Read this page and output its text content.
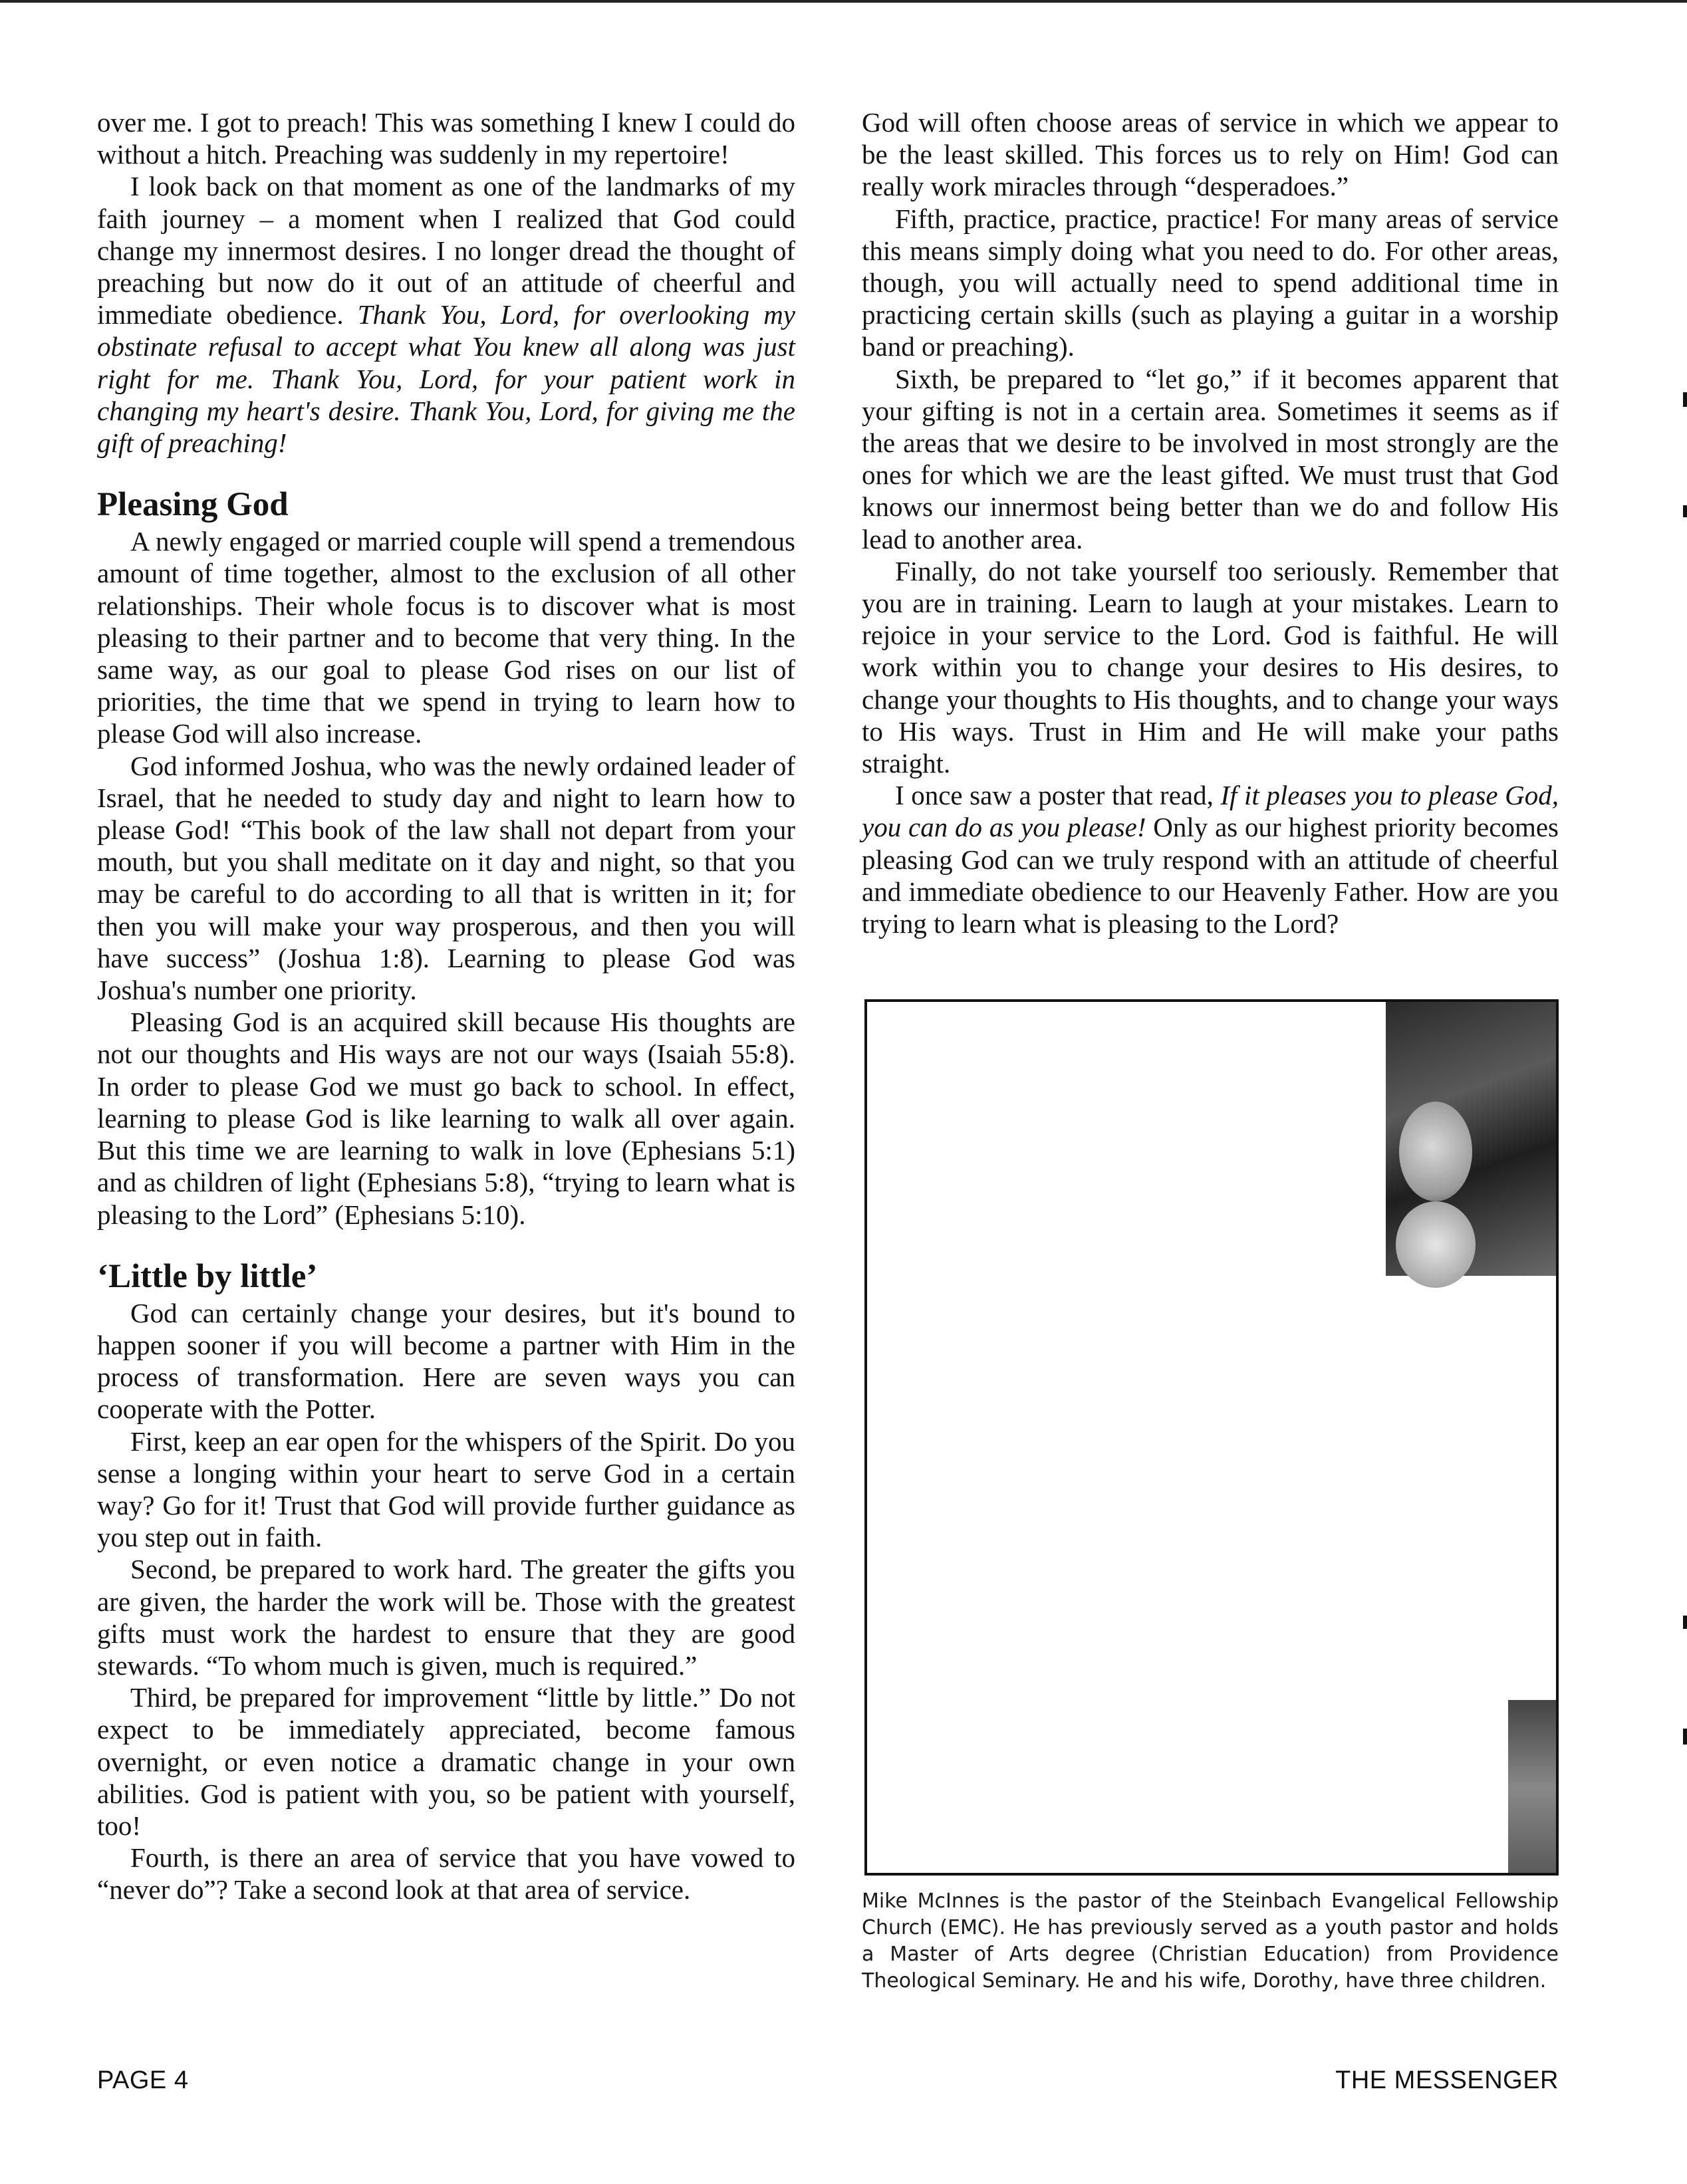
over me. I got to preach! This was something I knew I could do without a hitch. Preaching was suddenly in my repertoire!

I look back on that moment as one of the landmarks of my faith journey – a moment when I realized that God could change my innermost desires. I no longer dread the thought of preaching but now do it out of an attitude of cheerful and immediate obedience. Thank You, Lord, for overlooking my obstinate refusal to accept what You knew all along was just right for me. Thank You, Lord, for your patient work in changing my heart's desire. Thank You, Lord, for giving me the gift of preaching!

Pleasing God

A newly engaged or married couple will spend a tremendous amount of time together, almost to the exclusion of all other relationships. Their whole focus is to discover what is most pleasing to their partner and to become that very thing. In the same way, as our goal to please God rises on our list of priorities, the time that we spend in trying to learn how to please God will also increase.

God informed Joshua, who was the newly ordained leader of Israel, that he needed to study day and night to learn how to please God! “This book of the law shall not depart from your mouth, but you shall meditate on it day and night, so that you may be careful to do according to all that is written in it; for then you will make your way prosperous, and then you will have success” (Joshua 1:8). Learning to please God was Joshua's number one priority.

Pleasing God is an acquired skill because His thoughts are not our thoughts and His ways are not our ways (Isaiah 55:8). In order to please God we must go back to school. In effect, learning to please God is like learning to walk all over again. But this time we are learning to walk in love (Ephesians 5:1) and as children of light (Ephesians 5:8), “trying to learn what is pleasing to the Lord” (Ephesians 5:10).

‘Little by little’

God can certainly change your desires, but it's bound to happen sooner if you will become a partner with Him in the process of transformation. Here are seven ways you can cooperate with the Potter.

First, keep an ear open for the whispers of the Spirit. Do you sense a longing within your heart to serve God in a certain way? Go for it! Trust that God will provide further guidance as you step out in faith.

Second, be prepared to work hard. The greater the gifts you are given, the harder the work will be. Those with the greatest gifts must work the hardest to ensure that they are good stewards. “To whom much is given, much is required.”

Third, be prepared for improvement “little by little.” Do not expect to be immediately appreciated, become famous overnight, or even notice a dramatic change in your own abilities. God is patient with you, so be patient with yourself, too!

Fourth, is there an area of service that you have vowed to “never do”? Take a second look at that area of service.

God will often choose areas of service in which we appear to be the least skilled. This forces us to rely on Him! God can really work miracles through “desperadoes.”

Fifth, practice, practice, practice! For many areas of service this means simply doing what you need to do. For other areas, though, you will actually need to spend additional time in practicing certain skills (such as playing a guitar in a worship band or preaching).

Sixth, be prepared to “let go,” if it becomes apparent that your gifting is not in a certain area. Sometimes it seems as if the areas that we desire to be involved in most strongly are the ones for which we are the least gifted. We must trust that God knows our innermost being better than we do and follow His lead to another area.

Finally, do not take yourself too seriously. Remember that you are in training. Learn to laugh at your mistakes. Learn to rejoice in your service to the Lord. God is faithful. He will work within you to change your desires to His desires, to change your thoughts to His thoughts, and to change your ways to His ways. Trust in Him and He will make your paths straight.

I once saw a poster that read, If it pleases you to please God, you can do as you please! Only as our highest priority becomes pleasing God can we truly respond with an attitude of cheerful and immediate obedience to our Heavenly Father. How are you trying to learn what is pleasing to the Lord?

Mike McInnes is the pastor of the Steinbach Evangelical Fellowship Church (EMC). He has previously served as a youth pastor and holds a Master of Arts degree (Christian Education) from Providence Theological Seminary. He and his wife, Dorothy, have three children.
PAGE 4	THE MESSENGER
